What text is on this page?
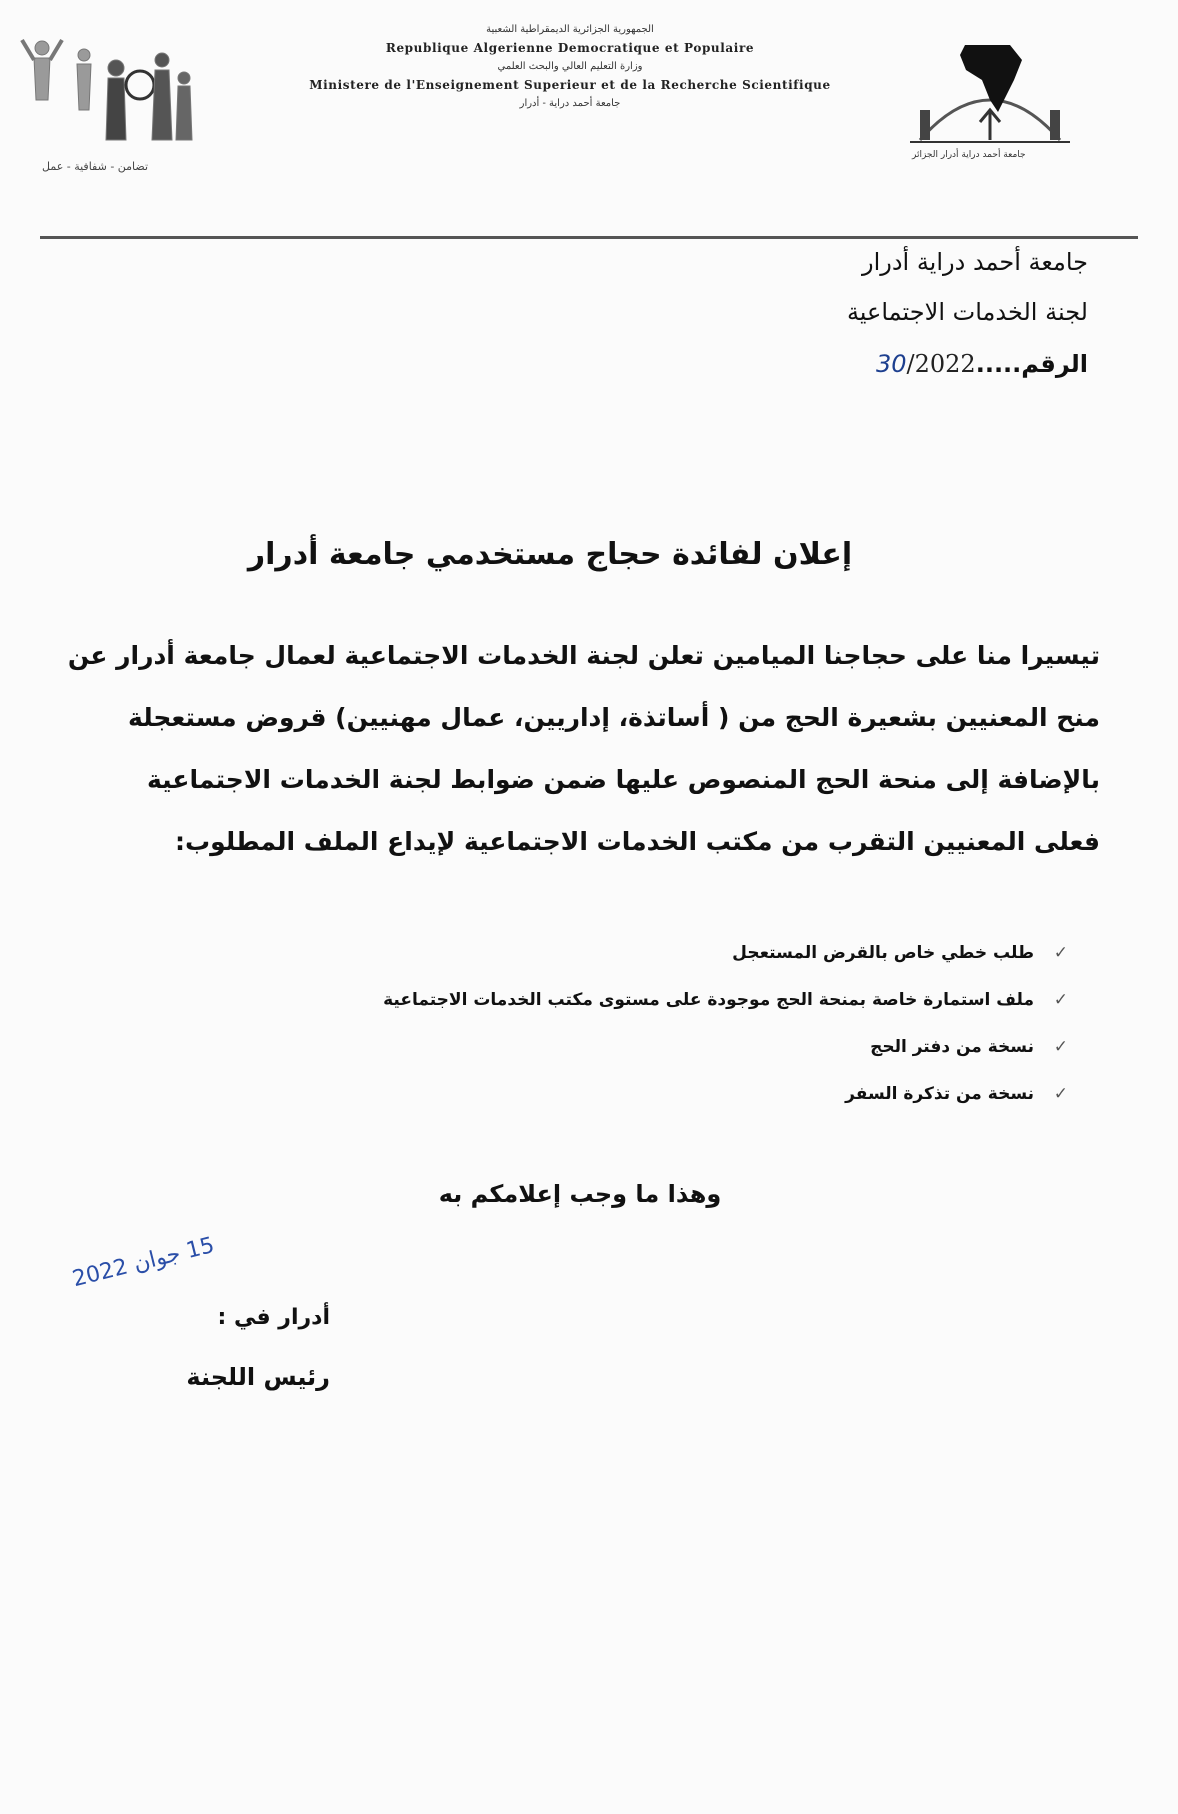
تضامن - شفافية - عمل
الجمهورية الجزائرية الديمقراطية الشعبية
Republique Algerienne Democratique et Populaire
وزارة التعليم العالي والبحث العلمي
Ministere de l'Enseignement Superieur et de la Recherche Scientifique
جامعة أحمد دراية - أدرار
جامعة أحمد دراية أدرار الجزائر
جامعة أحمد دراية أدرار
لجنة الخدمات الاجتماعية
الرقم.....30/2022
إعلان لفائدة حجاج مستخدمي جامعة أدرار

تيسيرا منا على حجاجنا الميامين تعلن لجنة الخدمات الاجتماعية لعمال جامعة أدرار عن

منح المعنيين بشعيرة الحج من ( أساتذة، إداريين، عمال مهنيين) قروض مستعجلة

بالإضافة إلى منحة الحج المنصوص عليها ضمن ضوابط لجنة الخدمات الاجتماعية

فعلى المعنيين التقرب من مكتب الخدمات الاجتماعية لإيداع الملف المطلوب:

✓طلب خطي خاص بالقرض المستعجل
✓ملف استمارة خاصة بمنحة الحج موجودة على مستوى مكتب الخدمات الاجتماعية
✓نسخة من دفتر الحج
✓نسخة من تذكرة السفر
وهذا ما وجب إعلامكم به
15 جوان 2022
أدرار في :
رئيس اللجنة
